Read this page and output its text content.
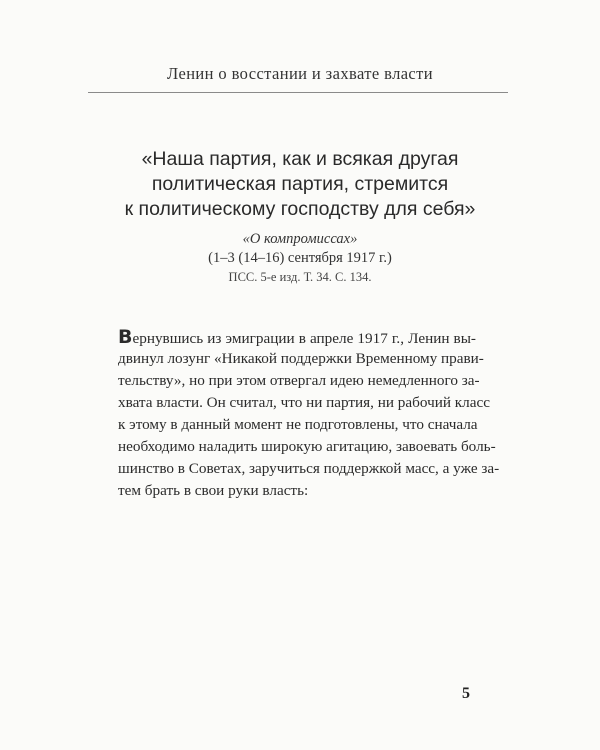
Ленин о восстании и захвате власти
«Наша партия, как и всякая другая
политическая партия, стремится
к политическому господству для себя»
«О компромиссах»
(1–3 (14–16) сентября 1917 г.)
ПСС. 5-е изд. Т. 34. С. 134.
Вернувшись из эмиграции в апреле 1917 г., Ленин вы-
двинул лозунг «Никакой поддержки Временному прави-
тельству», но при этом отвергал идею немедленного за-
хвата власти. Он считал, что ни партия, ни рабочий класс
к этому в данный момент не подготовлены, что сначала
необходимо наладить широкую агитацию, завоевать боль-
шинство в Советах, заручиться поддержкой масс, а уже за-
тем брать в свои руки власть:
5
